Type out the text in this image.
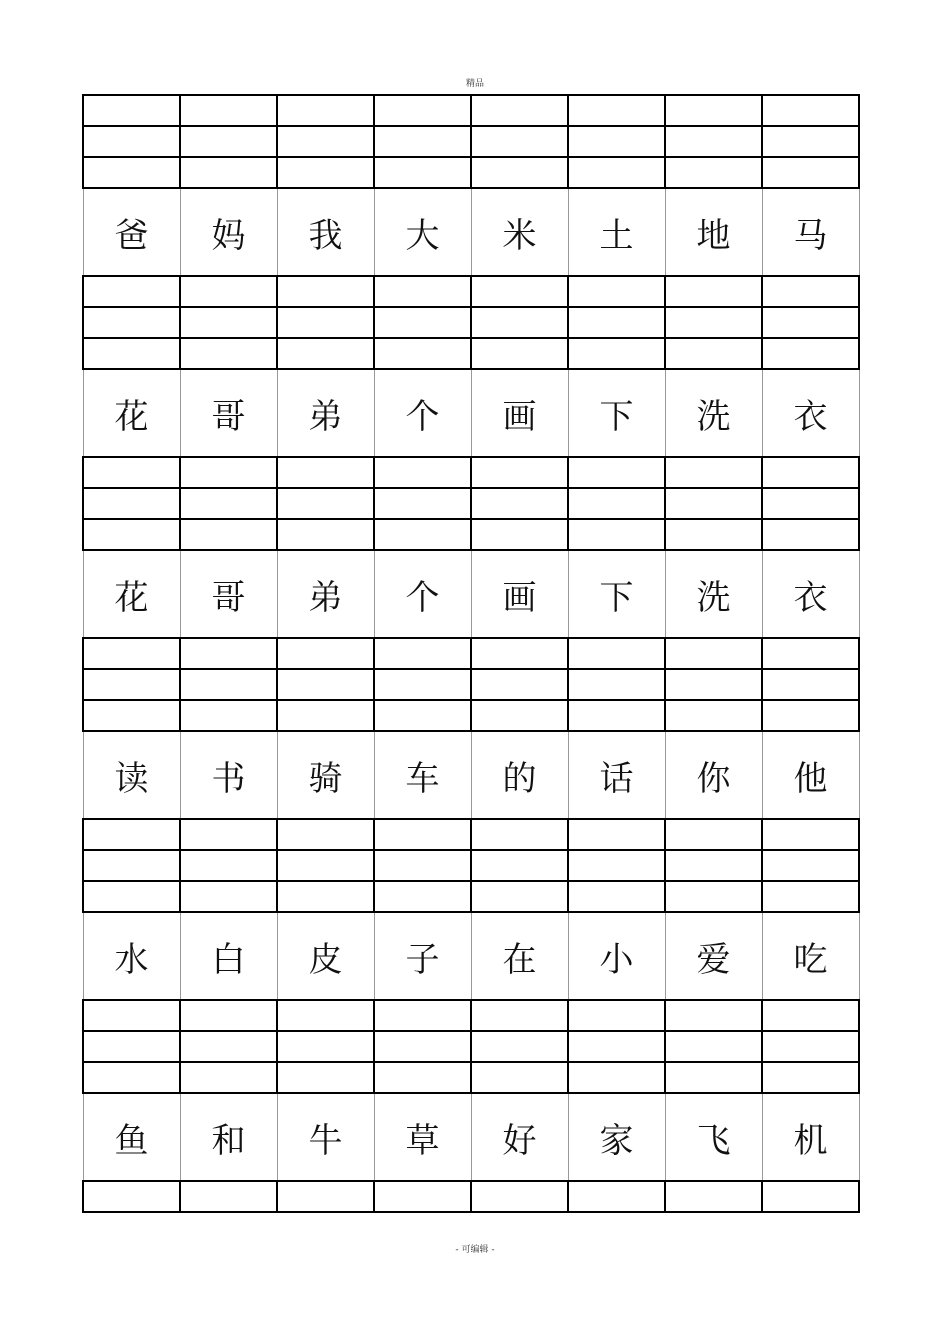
精品

爸	妈	我	大	米	土	地	马

花	哥	弟	个	画	下	洗	衣

花	哥	弟	个	画	下	洗	衣

读	书	骑	车	的	话	你	他

水	白	皮	子	在	小	爱	吃

鱼	和	牛	草	好	家	飞	机

- 可编辑 -
